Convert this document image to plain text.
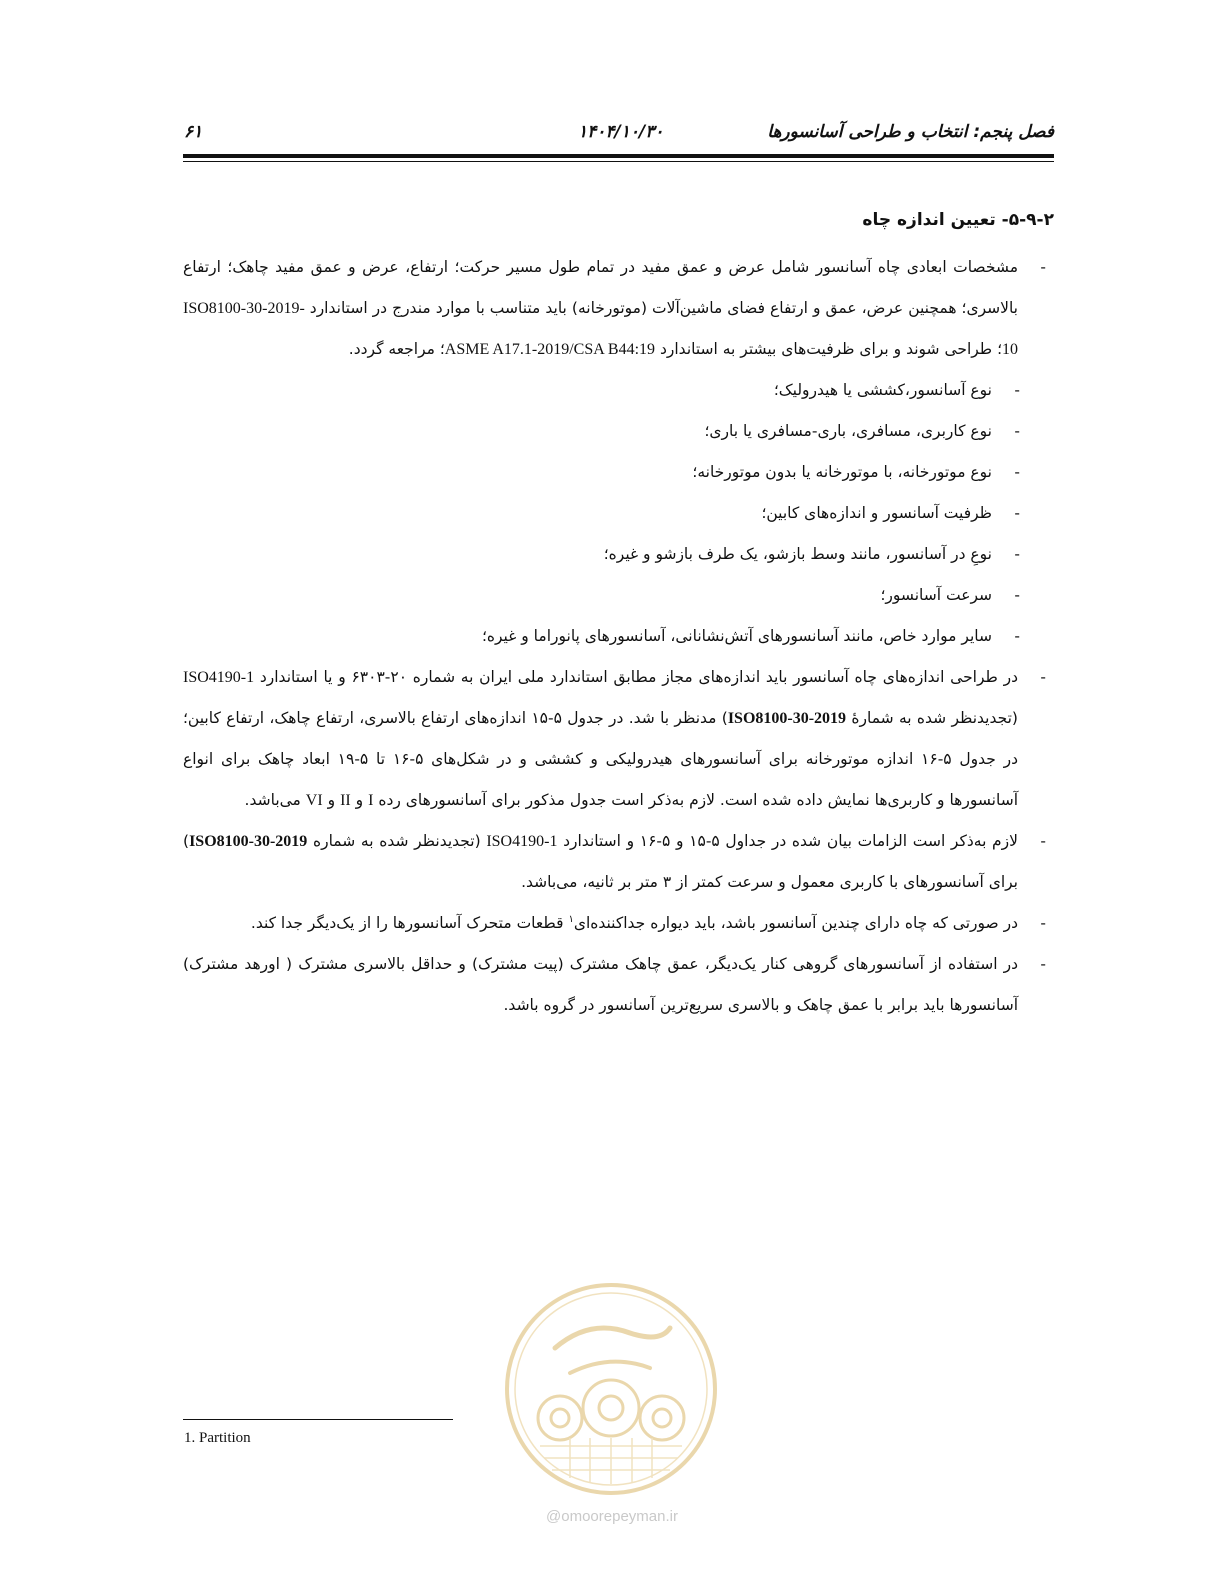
فصل پنجم: انتخاب و طراحی آسانسورها
۱۴۰۴/۱۰/۳۰
۶۱
۵-۹-۲- تعیین اندازه چاه

-
مشخصات ابعادی چاه آسانسور شامل عرض و عمق مفید در تمام طول مسیر حرکت؛ ارتفاع، عرض و عمق مفید چاهک؛ ارتفاع بالاسری؛ همچنین عرض، عمق و ارتفاع فضای ماشین‌آلات (موتورخانه) باید متناسب با موارد مندرج در استاندارد ISO8100-30-2019-10؛ طراحی شوند و برای ظرفیت‌های بیشتر به استاندارد ASME A17.1-2019/CSA B44:19؛ مراجعه گردد.

-
نوع آسانسور،کششی یا هیدرولیک؛

-
نوع کاربری، مسافری، باری-مسافری یا باری؛

-
نوع موتورخانه، با موتورخانه یا بدون موتورخانه؛

-
ظرفیت آسانسور و اندازه‌های کابین؛

-
نوعِ در آسانسور، مانند وسط بازشو، یک طرف بازشو و غیره؛

-
سرعت آسانسور؛

-
سایر موارد خاص، مانند آسانسورهای آتش‌نشانانی، آسانسورهای پانوراما و غیره؛

-
در طراحی اندازه‌های چاه آسانسور باید اندازه‌های مجاز مطابق استاندارد ملی ایران به شماره ۲۰-۶۳۰۳ و یا استاندارد ISO4190-1 (تجدیدنظر شده به شمارۀ ISO8100-30-2019) مدنظر با شد. در جدول ۵-۱۵ اندازه‌های ارتفاع بالاسری، ارتفاع چاهک، ارتفاع کابین؛ در جدول ۵-۱۶ اندازه موتورخانه برای آسانسورهای هیدرولیکی و کششی و در شکل‌های ۵-۱۶ تا ۵-۱۹ ابعاد چاهک برای انواع آسانسورها و کاربری‌ها نمایش داده شده است. لازم به‌ذکر است جدول مذکور برای آسانسورهای رده I و II و VI می‌باشد.

-
لازم به‌ذکر است الزامات بیان شده در جداول ۵-۱۵ و ۵-۱۶ و استاندارد ISO4190-1 (تجدیدنظر شده به شماره ISO8100-30-2019) برای آسانسورهای با کاربری معمول و سرعت کمتر از ۳ متر بر ثانیه، می‌باشد.

-
در صورتی که چاه دارای چندین آسانسور باشد، باید دیواره جداکننده‌ای$^۱$ قطعات متحرک آسانسورها را از یک‌دیگر جدا کند.

-
در استفاده از آسانسورهای گروهی کنار یک‌دیگر، عمق چاهک مشترک (پیت مشترک) و حداقل بالاسری مشترک ( اورهد مشترک) آسانسورها باید برابر با عمق چاهک و بالاسری سریع‌ترین آسانسور در گروه باشد.

@omoorepeyman.ir
1. Partition
